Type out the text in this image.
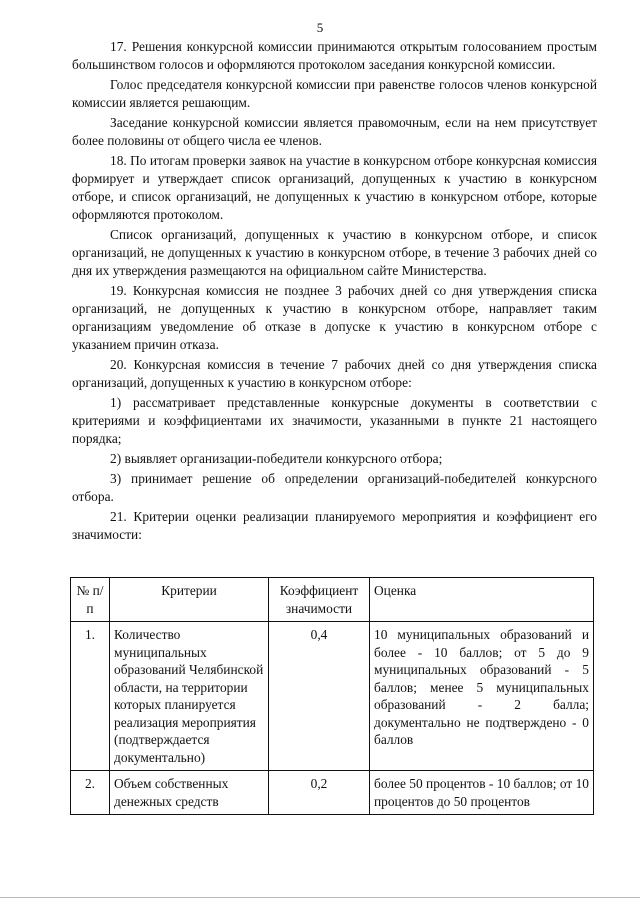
5

17. Решения конкурсной комиссии принимаются открытым голосованием простым большинством голосов и оформляются протоколом заседания конкурсной комиссии.

Голос председателя конкурсной комиссии при равенстве голосов членов конкурсной комиссии является решающим.

Заседание конкурсной комиссии является правомочным, если на нем присутствует более половины от общего числа ее членов.

18. По итогам проверки заявок на участие в конкурсном отборе конкурсная комиссия формирует и утверждает список организаций, допущенных к участию в конкурсном отборе, и список организаций, не допущенных к участию в конкурсном отборе, которые оформляются протоколом.

Список организаций, допущенных к участию в конкурсном отборе, и список организаций, не допущенных к участию в конкурсном отборе, в течение 3 рабочих дней со дня их утверждения размещаются на официальном сайте Министерства.

19. Конкурсная комиссия не позднее 3 рабочих дней со дня утверждения списка организаций, не допущенных к участию в конкурсном отборе, направляет таким организациям уведомление об отказе в допуске к участию в конкурсном отборе с указанием причин отказа.

20. Конкурсная комиссия в течение 7 рабочих дней со дня утверждения списка организаций, допущенных к участию в конкурсном отборе:

1) рассматривает представленные конкурсные документы в соответствии с критериями и коэффициентами их значимости, указанными в пункте 21 настоящего порядка;

2) выявляет организации-победители конкурсного отбора;

3) принимает решение об определении организаций-победителей конкурсного отбора.

21. Критерии оценки реализации планируемого мероприятия и коэффициент его значимости:

№ п/п	Критерии	Коэффициент значимости	Оценка
1.	Количество муниципальных образований Челябинской области, на территории которых планируется реализация мероприятия (подтверждается документально)	0,4	10 муниципальных образований и более - 10 баллов; от 5 до 9 муниципальных образований - 5 баллов; менее 5 муниципальных образований - 2 балла; документально не подтверждено - 0 баллов
2.	Объем собственных денежных средств	0,2	более 50 процентов - 10 баллов; от 10 процентов до 50 процентов
